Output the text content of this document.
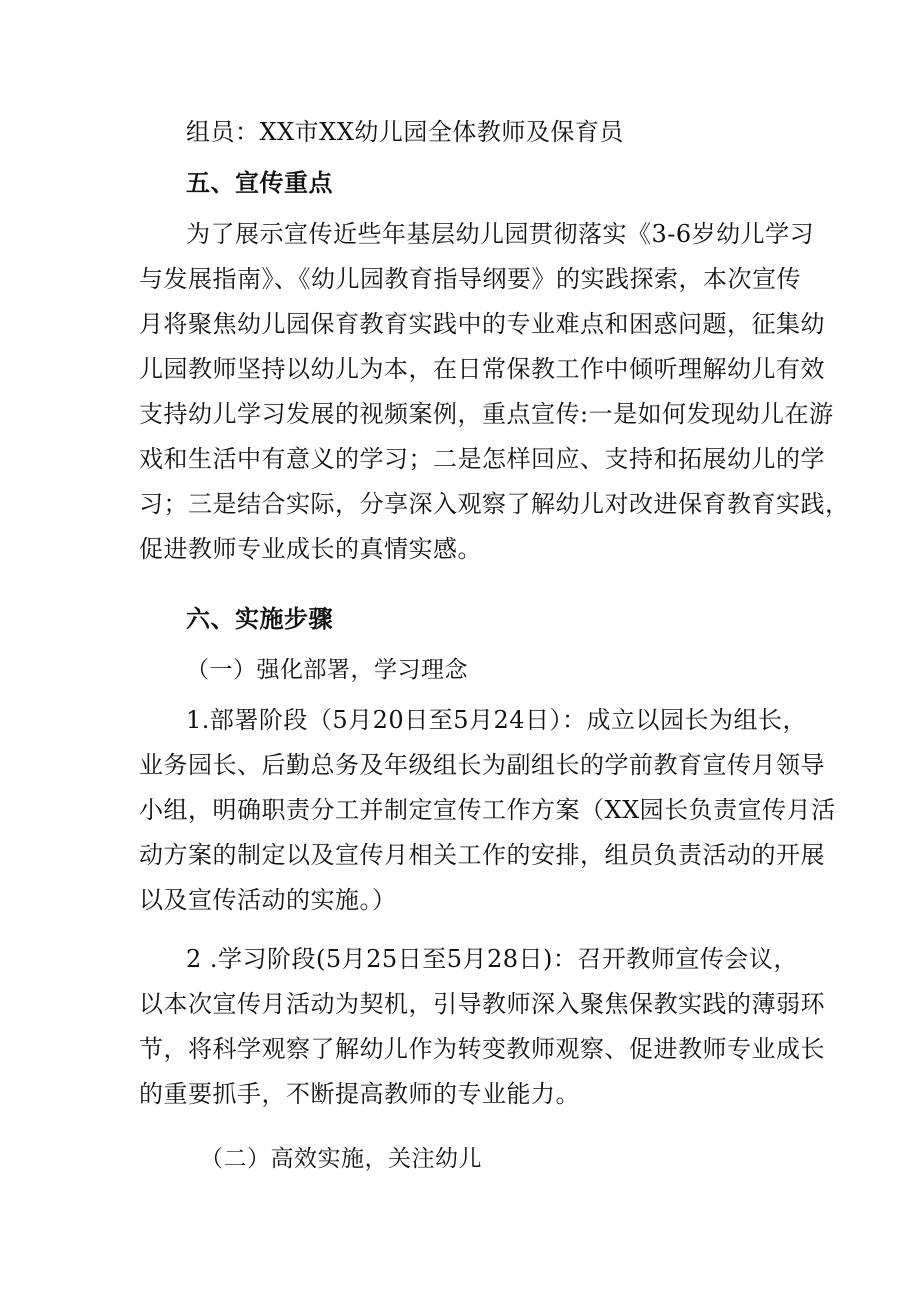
组员：XX市XX幼儿园全体教师及保育员
五、宣传重点
为了展示宣传近些年基层幼儿园贯彻落实《3-6岁幼儿学习
与发展指南》、《幼儿园教育指导纲要》的实践探索，本次宣传
月将聚焦幼儿园保育教育实践中的专业难点和困惑问题，征集幼
儿园教师坚持以幼儿为本，在日常保教工作中倾听理解幼儿有效
支持幼儿学习发展的视频案例，重点宣传:一是如何发现幼儿在游
戏和生活中有意义的学习；二是怎样回应、支持和拓展幼儿的学
习；三是结合实际，分享深入观察了解幼儿对改进保育教育实践，
促进教师专业成长的真情实感。
六、实施步骤
（一）强化部署，学习理念
1.部署阶段（5月20日至5月24日）：成立以园长为组长，
业务园长、后勤总务及年级组长为副组长的学前教育宣传月领导
小组，明确职责分工并制定宣传工作方案（XX园长负责宣传月活
动方案的制定以及宣传月相关工作的安排，组员负责活动的开展
以及宣传活动的实施。）
2 .学习阶段(5月25日至5月28日)：召开教师宣传会议，
以本次宣传月活动为契机，引导教师深入聚焦保教实践的薄弱环
节，将科学观察了解幼儿作为转变教师观察、促进教师专业成长
的重要抓手，不断提高教师的专业能力。
（二）高效实施，关注幼儿
